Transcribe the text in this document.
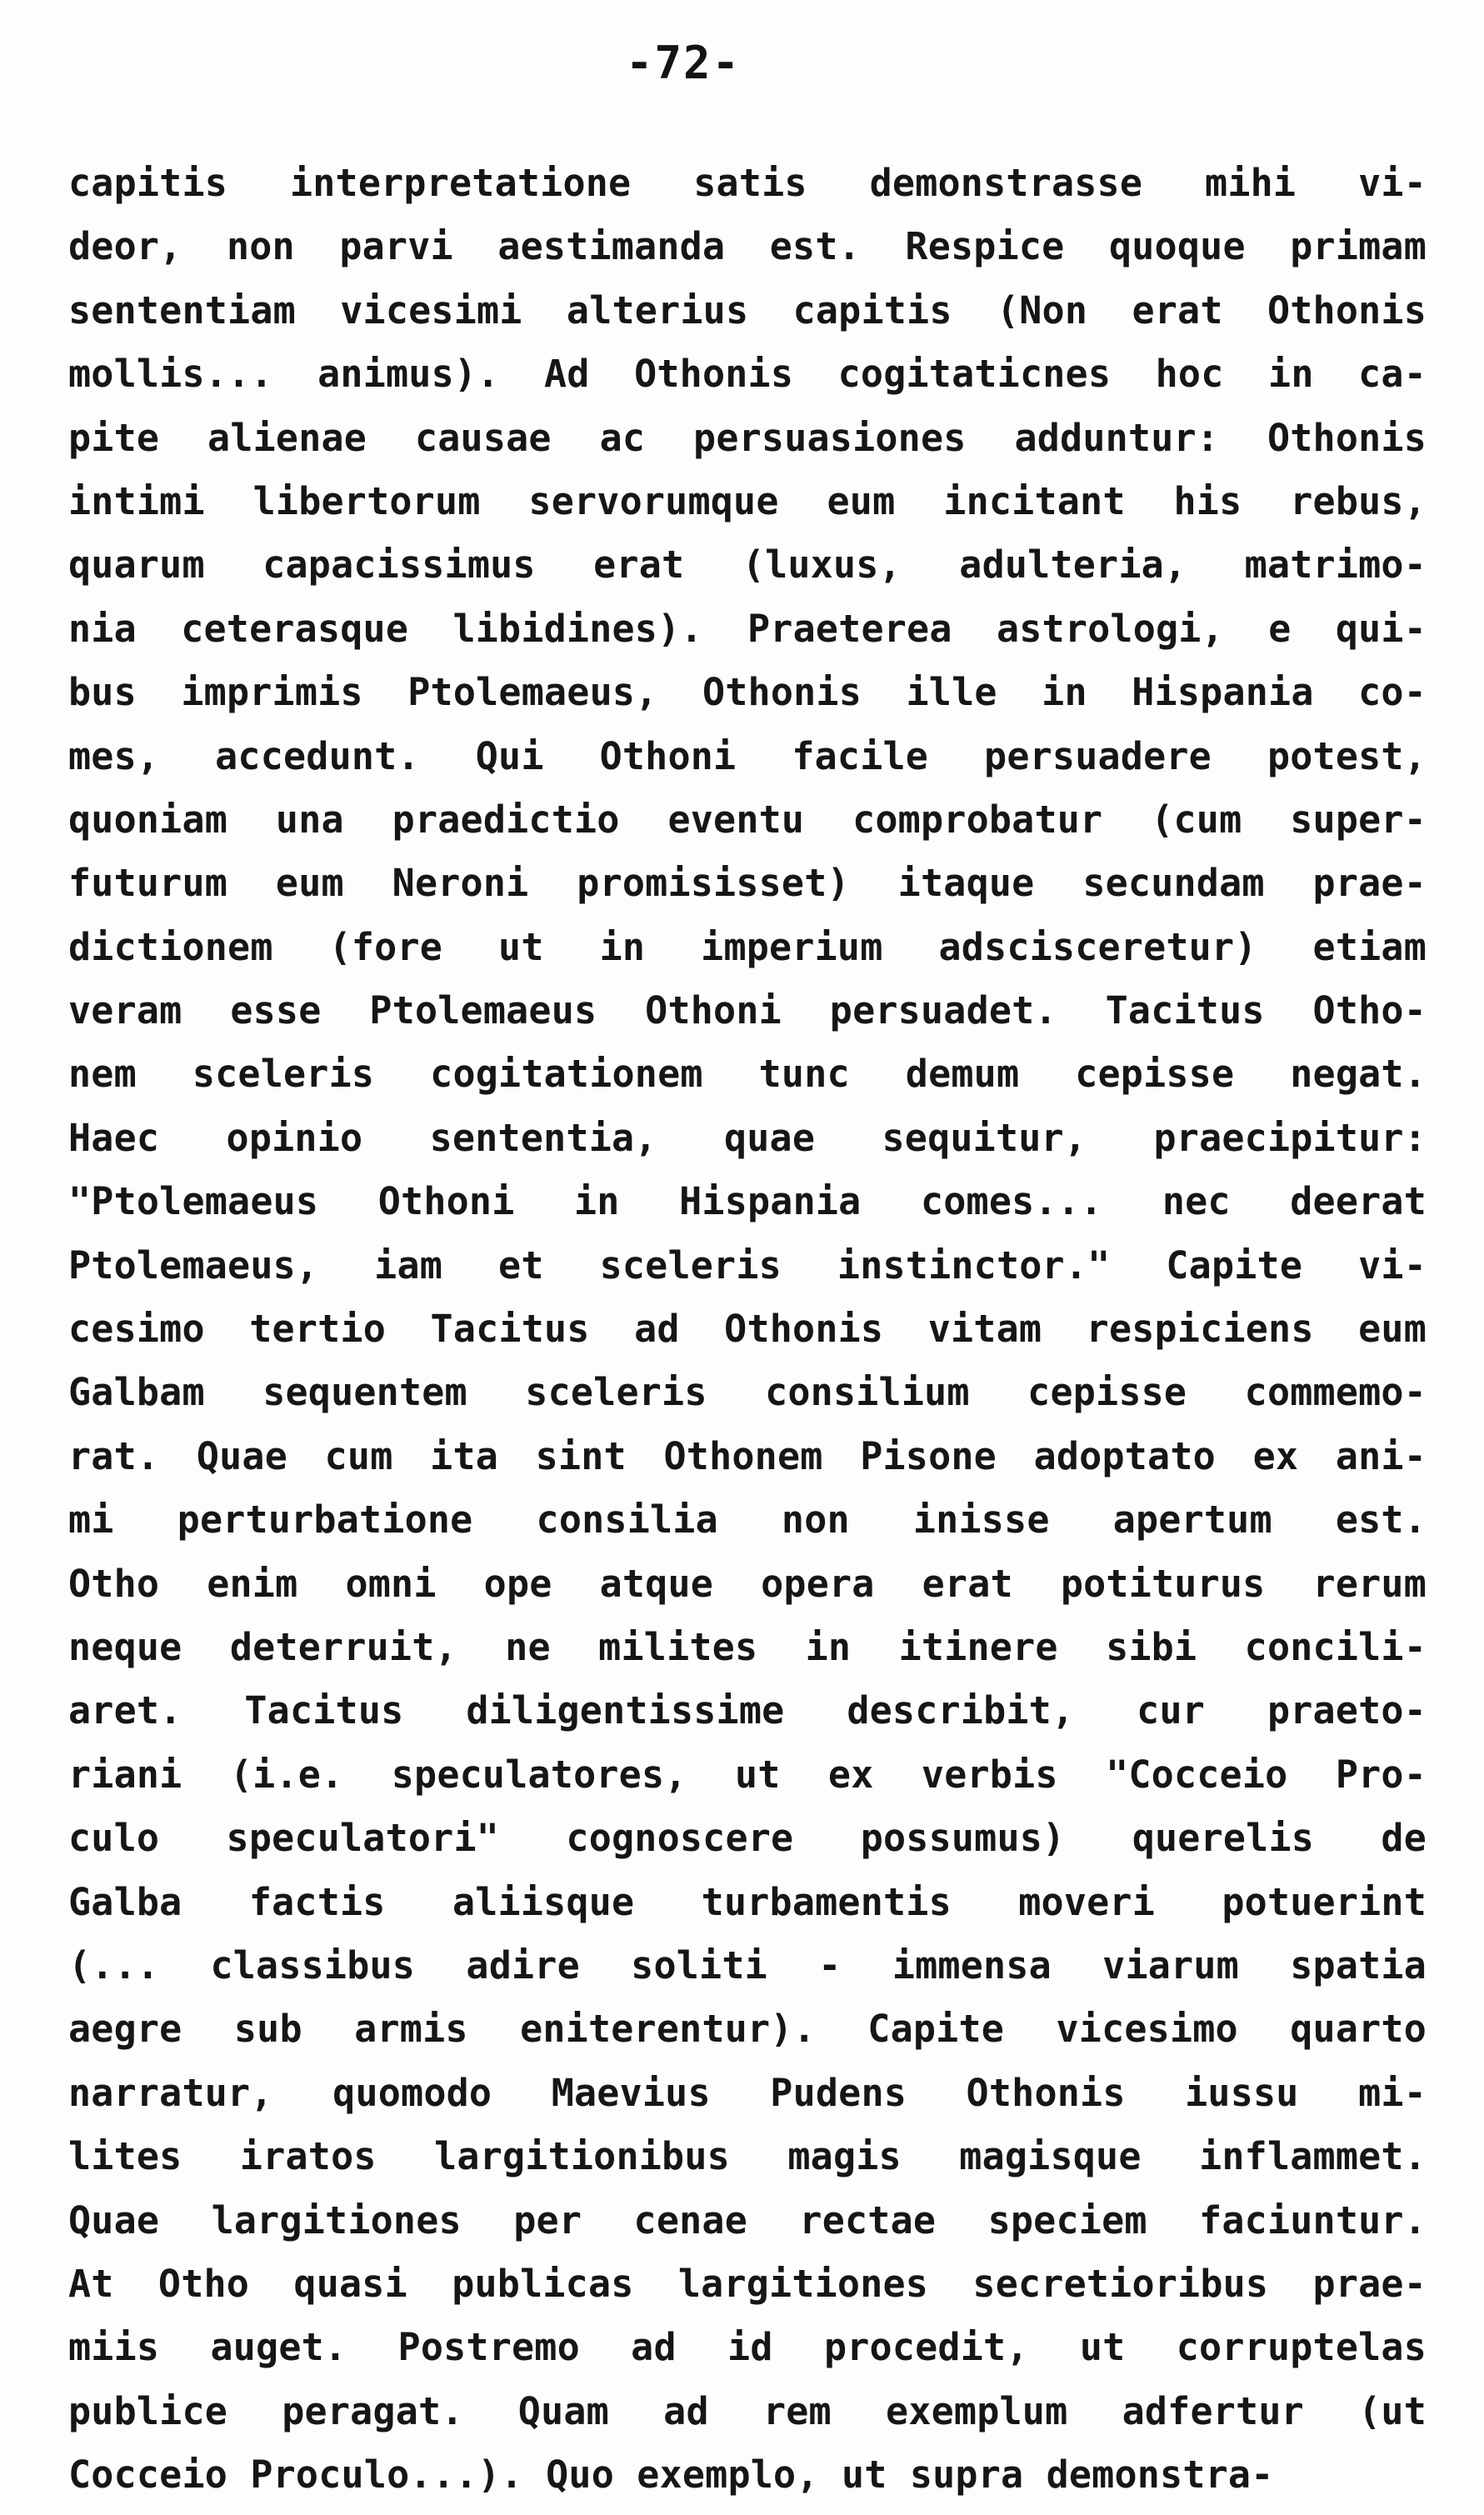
-72-
capitis interpretatione satis demonstrasse mihi vi-
deor, non parvi aestimanda est. Respice quoque primam
sententiam vicesimi alterius capitis (Non erat Othonis
mollis... animus). Ad Othonis cogitaticnes hoc in ca-
pite alienae causae ac persuasiones adduntur: Othonis
intimi libertorum servorumque eum incitant his rebus,
quarum capacissimus erat (luxus, adulteria, matrimo-
nia ceterasque libidines). Praeterea astrologi, e qui-
bus imprimis Ptolemaeus, Othonis ille in Hispania co-
mes, accedunt. Qui Othoni facile persuadere potest,
quoniam una praedictio eventu comprobatur (cum super-
futurum eum Neroni promisisset) itaque secundam prae-
dictionem (fore ut in imperium adscisceretur) etiam
veram esse Ptolemaeus Othoni persuadet. Tacitus Otho-
nem sceleris cogitationem tunc demum cepisse negat.
Haec opinio sententia, quae sequitur, praecipitur:
"Ptolemaeus Othoni in Hispania comes... nec deerat
Ptolemaeus, iam et sceleris instinctor." Capite vi-
cesimo tertio Tacitus ad Othonis vitam respiciens eum
Galbam sequentem sceleris consilium cepisse commemo-
rat. Quae cum ita sint Othonem Pisone adoptato ex ani-
mi perturbatione consilia non inisse apertum est.
Otho enim omni ope atque opera erat potiturus rerum
neque deterruit, ne milites in itinere sibi concili-
aret. Tacitus diligentissime describit, cur praeto-
riani (i.e. speculatores, ut ex verbis "Cocceio Pro-
culo speculatori" cognoscere possumus) querelis de
Galba factis aliisque turbamentis moveri potuerint
(... classibus adire soliti - immensa viarum spatia
aegre sub armis eniterentur). Capite vicesimo quarto
narratur, quomodo Maevius Pudens Othonis iussu mi-
lites iratos largitionibus magis magisque inflammet.
Quae largitiones per cenae rectae speciem faciuntur.
At Otho quasi publicas largitiones secretioribus prae-
miis auget. Postremo ad id procedit, ut corruptelas
publice peragat. Quam ad rem exemplum adfertur (ut
Cocceio Proculo...). Quo exemplo, ut supra demonstra-
